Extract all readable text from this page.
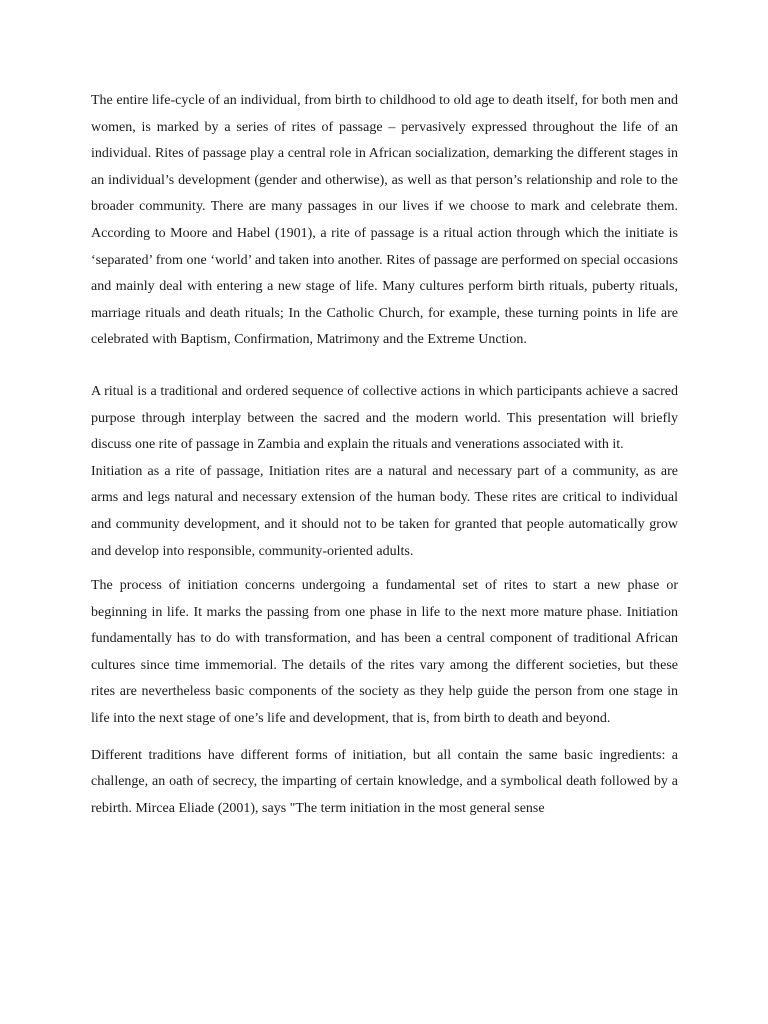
The entire life-cycle of an individual, from birth to childhood to old age to death itself, for both men and women, is marked by a series of rites of passage – pervasively expressed throughout the life of an individual. Rites of passage play a central role in African socialization, demarking the different stages in an individual’s development (gender and otherwise), as well as that person’s relationship and role to the broader community. There are many passages in our lives if we choose to mark and celebrate them. According to Moore and Habel (1901), a rite of passage is a ritual action through which the initiate is ‘separated’ from one ‘world’ and taken into another. Rites of passage are performed on special occasions and mainly deal with entering a new stage of life. Many cultures perform birth rituals, puberty rituals, marriage rituals and death rituals; In the Catholic Church, for example, these turning points in life are celebrated with Baptism, Confirmation, Matrimony and the Extreme Unction.

A ritual is a traditional and ordered sequence of collective actions in which participants achieve a sacred purpose through interplay between the sacred and the modern world. This presentation will briefly discuss one rite of passage in Zambia and explain the rituals and venerations associated with it.

Initiation as a rite of passage, Initiation rites are a natural and necessary part of a community, as are arms and legs natural and necessary extension of the human body. These rites are critical to individual and community development, and it should not to be taken for granted that people automatically grow and develop into responsible, community-oriented adults.

The process of initiation concerns undergoing a fundamental set of rites to start a new phase or beginning in life. It marks the passing from one phase in life to the next more mature phase. Initiation fundamentally has to do with transformation, and has been a central component of traditional African cultures since time immemorial. The details of the rites vary among the different societies, but these rites are nevertheless basic components of the society as they help guide the person from one stage in life into the next stage of one’s life and development, that is, from birth to death and beyond.

Different traditions have different forms of initiation, but all contain the same basic ingredients: a challenge, an oath of secrecy, the imparting of certain knowledge, and a symbolical death followed by a rebirth. Mircea Eliade (2001), says "The term initiation in the most general sense
